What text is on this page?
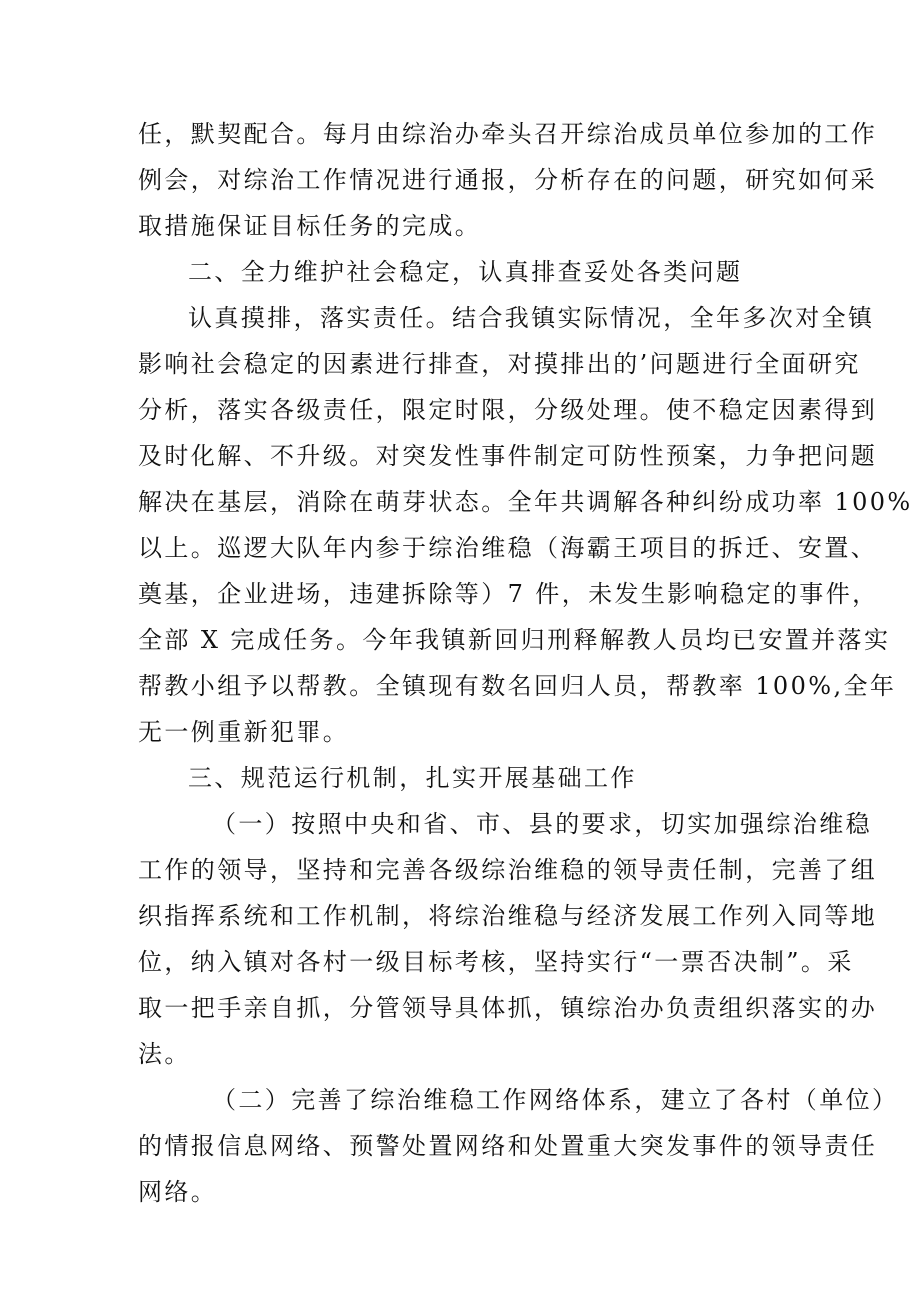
任，默契配合。每月由综治办牵头召开综治成员单位参加的工作
例会，对综治工作情况进行通报，分析存在的问题，研究如何采
取措施保证目标任务的完成。
二、全力维护社会稳定，认真排查妥处各类问题
认真摸排，落实责任。结合我镇实际情况，全年多次对全镇
影响社会稳定的因素进行排查，对摸排出的’问题进行全面研究
分析，落实各级责任，限定时限，分级处理。使不稳定因素得到
及时化解、不升级。对突发性事件制定可防性预案，力争把问题
解决在基层，消除在萌芽状态。全年共调解各种纠纷成功率 100%
以上。巡逻大队年内参于综治维稳（海霸王项目的拆迁、安置、
奠基，企业进场，违建拆除等）7 件，未发生影响稳定的事件，
全部 X 完成任务。今年我镇新回归刑释解教人员均已安置并落实
帮教小组予以帮教。全镇现有数名回归人员，帮教率 100%,全年
无一例重新犯罪。
三、规范运行机制，扎实开展基础工作
（一）按照中央和省、市、县的要求，切实加强综治维稳
工作的领导，坚持和完善各级综治维稳的领导责任制，完善了组
织指挥系统和工作机制，将综治维稳与经济发展工作列入同等地
位，纳入镇对各村一级目标考核，坚持实行“一票否决制”。采
取一把手亲自抓，分管领导具体抓，镇综治办负责组织落实的办
法。
（二）完善了综治维稳工作网络体系，建立了各村（单位）
的情报信息网络、预警处置网络和处置重大突发事件的领导责任
网络。
